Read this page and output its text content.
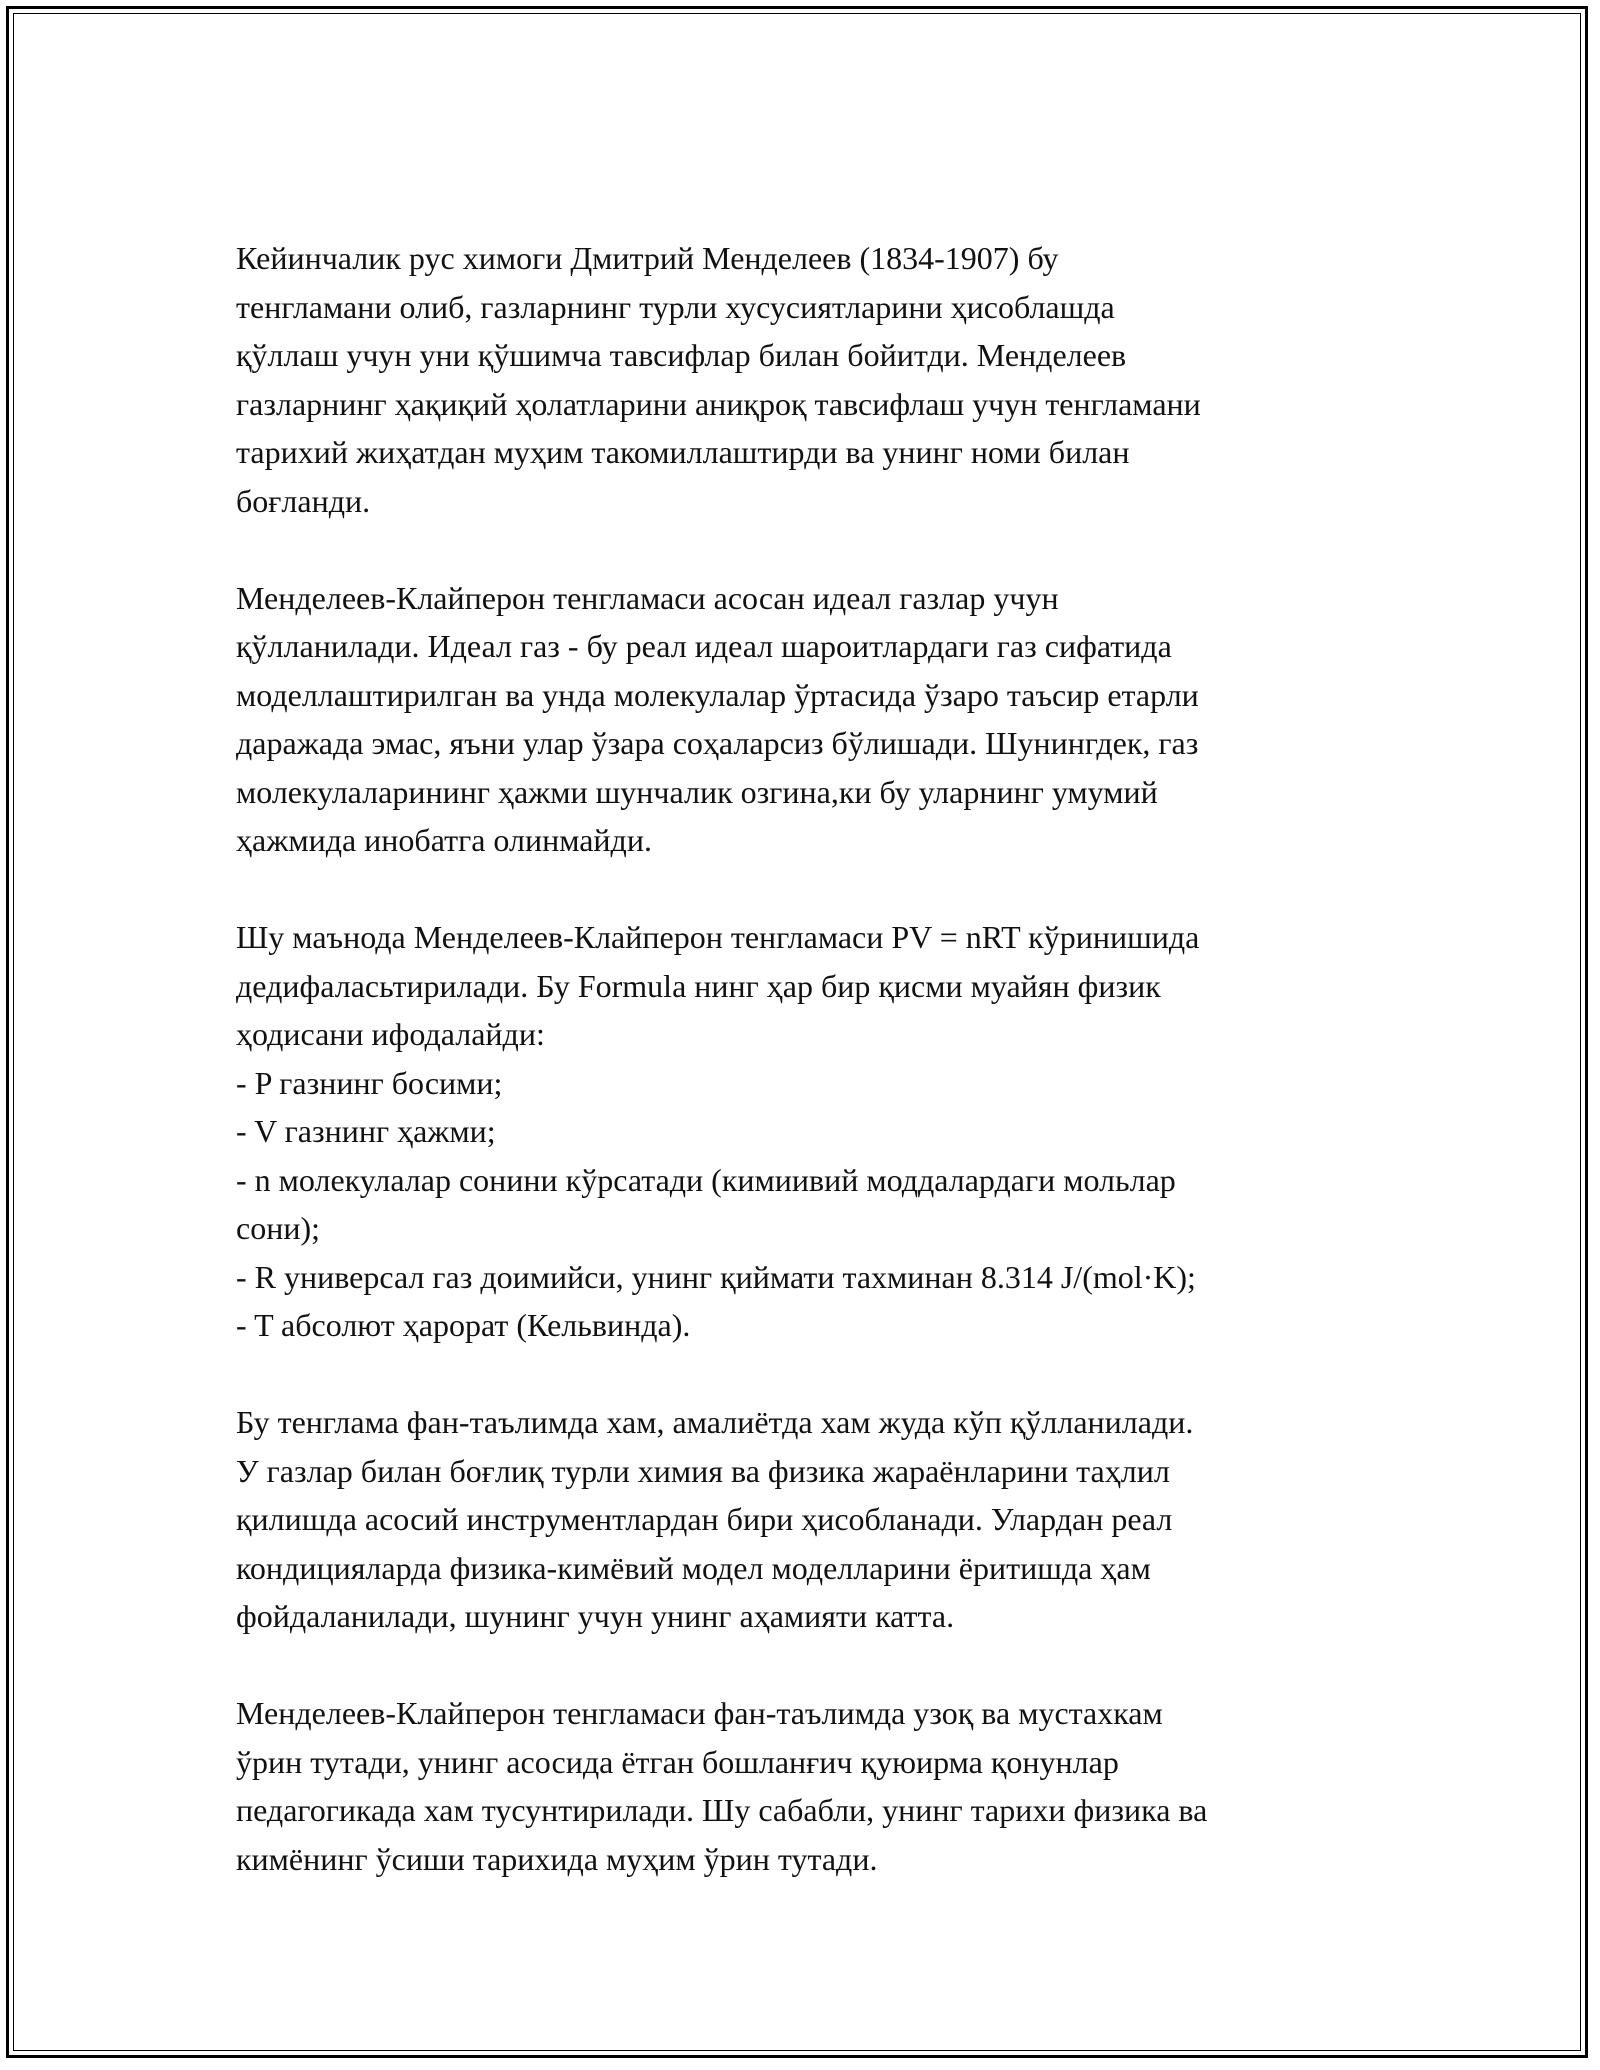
Кейинчалик рус химоги Дмитрий Менделеев (1834-1907) бу
тенгламани олиб, газларнинг турли хусусиятларини ҳисоблашда
қўллаш учун уни қўшимча тавсифлар билан бойитди. Менделеев
газларнинг ҳақиқий ҳолатларини аниқроқ тавсифлаш учун тенгламани
тарихий жиҳатдан муҳим такомиллаштирди ва унинг номи билан
боғланди.

Менделеев-Клайперон тенгламаси асосан идеал газлар учун
қўлланилади. Идеал газ - бу реал идеал шароитлардаги газ сифатида
моделлаштирилган ва унда молекулалар ўртасида ўзаро таъсир етарли
даражада эмас, яъни улар ўзара соҳаларсиз бўлишади. Шунингдек, газ
молекулаларининг ҳажми шунчалик озгина,ки бу уларнинг умумий
ҳажмида инобатга олинмайди.

Шу маънода Менделеев-Клайперон тенгламаси PV = nRT кўринишида
дедифаласьтирилади. Бу Formula нинг ҳар бир қисми муайян физик
ҳодисани ифодалайди:
- P газнинг босими;
- V газнинг ҳажми;
- n молекулалар сонини кўрсатади (кимиивий моддалардаги мольлар
сони);
- R универсал газ доимийси, унинг қиймати тахминан 8.314 J/(mol·K);
- T абсолют ҳарорат (Кельвинда).

Бу тенглама фан-таълимда хам, амалиётда хам жуда кўп қўлланилади.
У газлар билан боғлиқ турли химия ва физика жараёнларини таҳлил
қилишда асосий инструментлардан бири ҳисобланади. Улардан реал
кондицияларда физика-кимёвий модел моделларини ёритишда ҳам
фойдаланилади, шунинг учун унинг аҳамияти катта.

Менделеев-Клайперон тенгламаси фан-таълимда узоқ ва мустахкам
ўрин тутади, унинг асосида ётган бошланғич қуюирма қонунлар
педагогикада хам тусунтирилади. Шу сабабли, унинг тарихи физика ва
кимёнинг ўсиши тарихида муҳим ўрин тутади.
